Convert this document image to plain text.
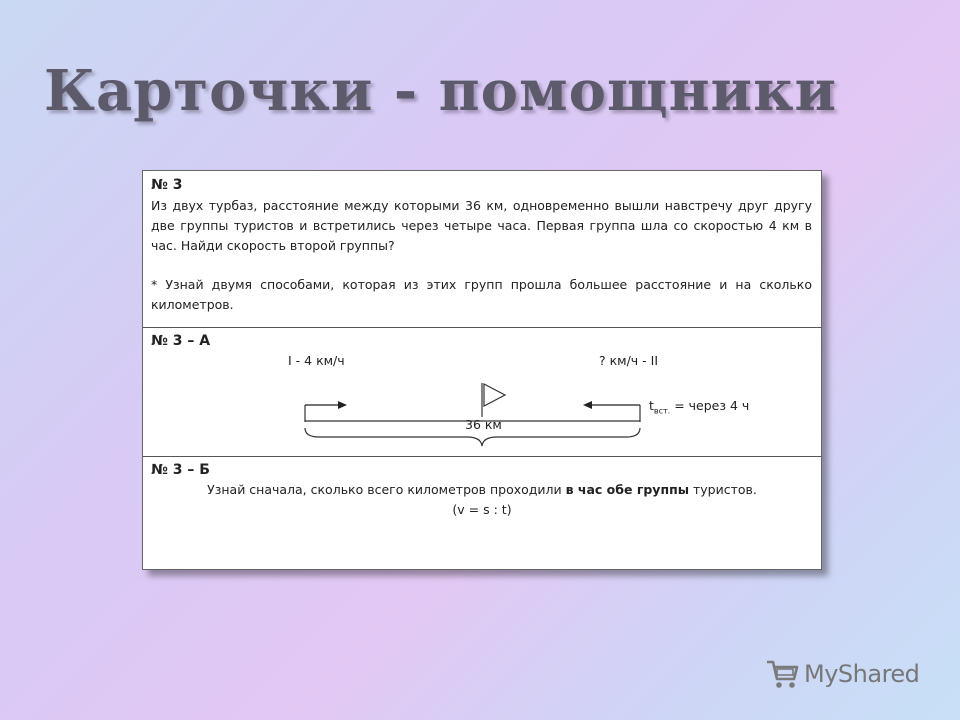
Карточки - помощники
№ 3

Из двух турбаз, расстояние между которыми 36 км, одновременно вышли навстречу друг другу две группы туристов и встретились через четыре часа. Первая группа шла со скоростью 4 км в час. Найди скорость второй группы?

* Узнай двумя способами, которая из этих групп прошла большее расстояние и на сколько километров.

№ 3 – А
I - 4 км/ч	? км/ч - II
$t_{вст.}$ = через 4 ч
36 км
№ 3 – Б
Узнай сначала, сколько всего километров проходили в час обе группы туристов.
(v = s : t)
MyShared
